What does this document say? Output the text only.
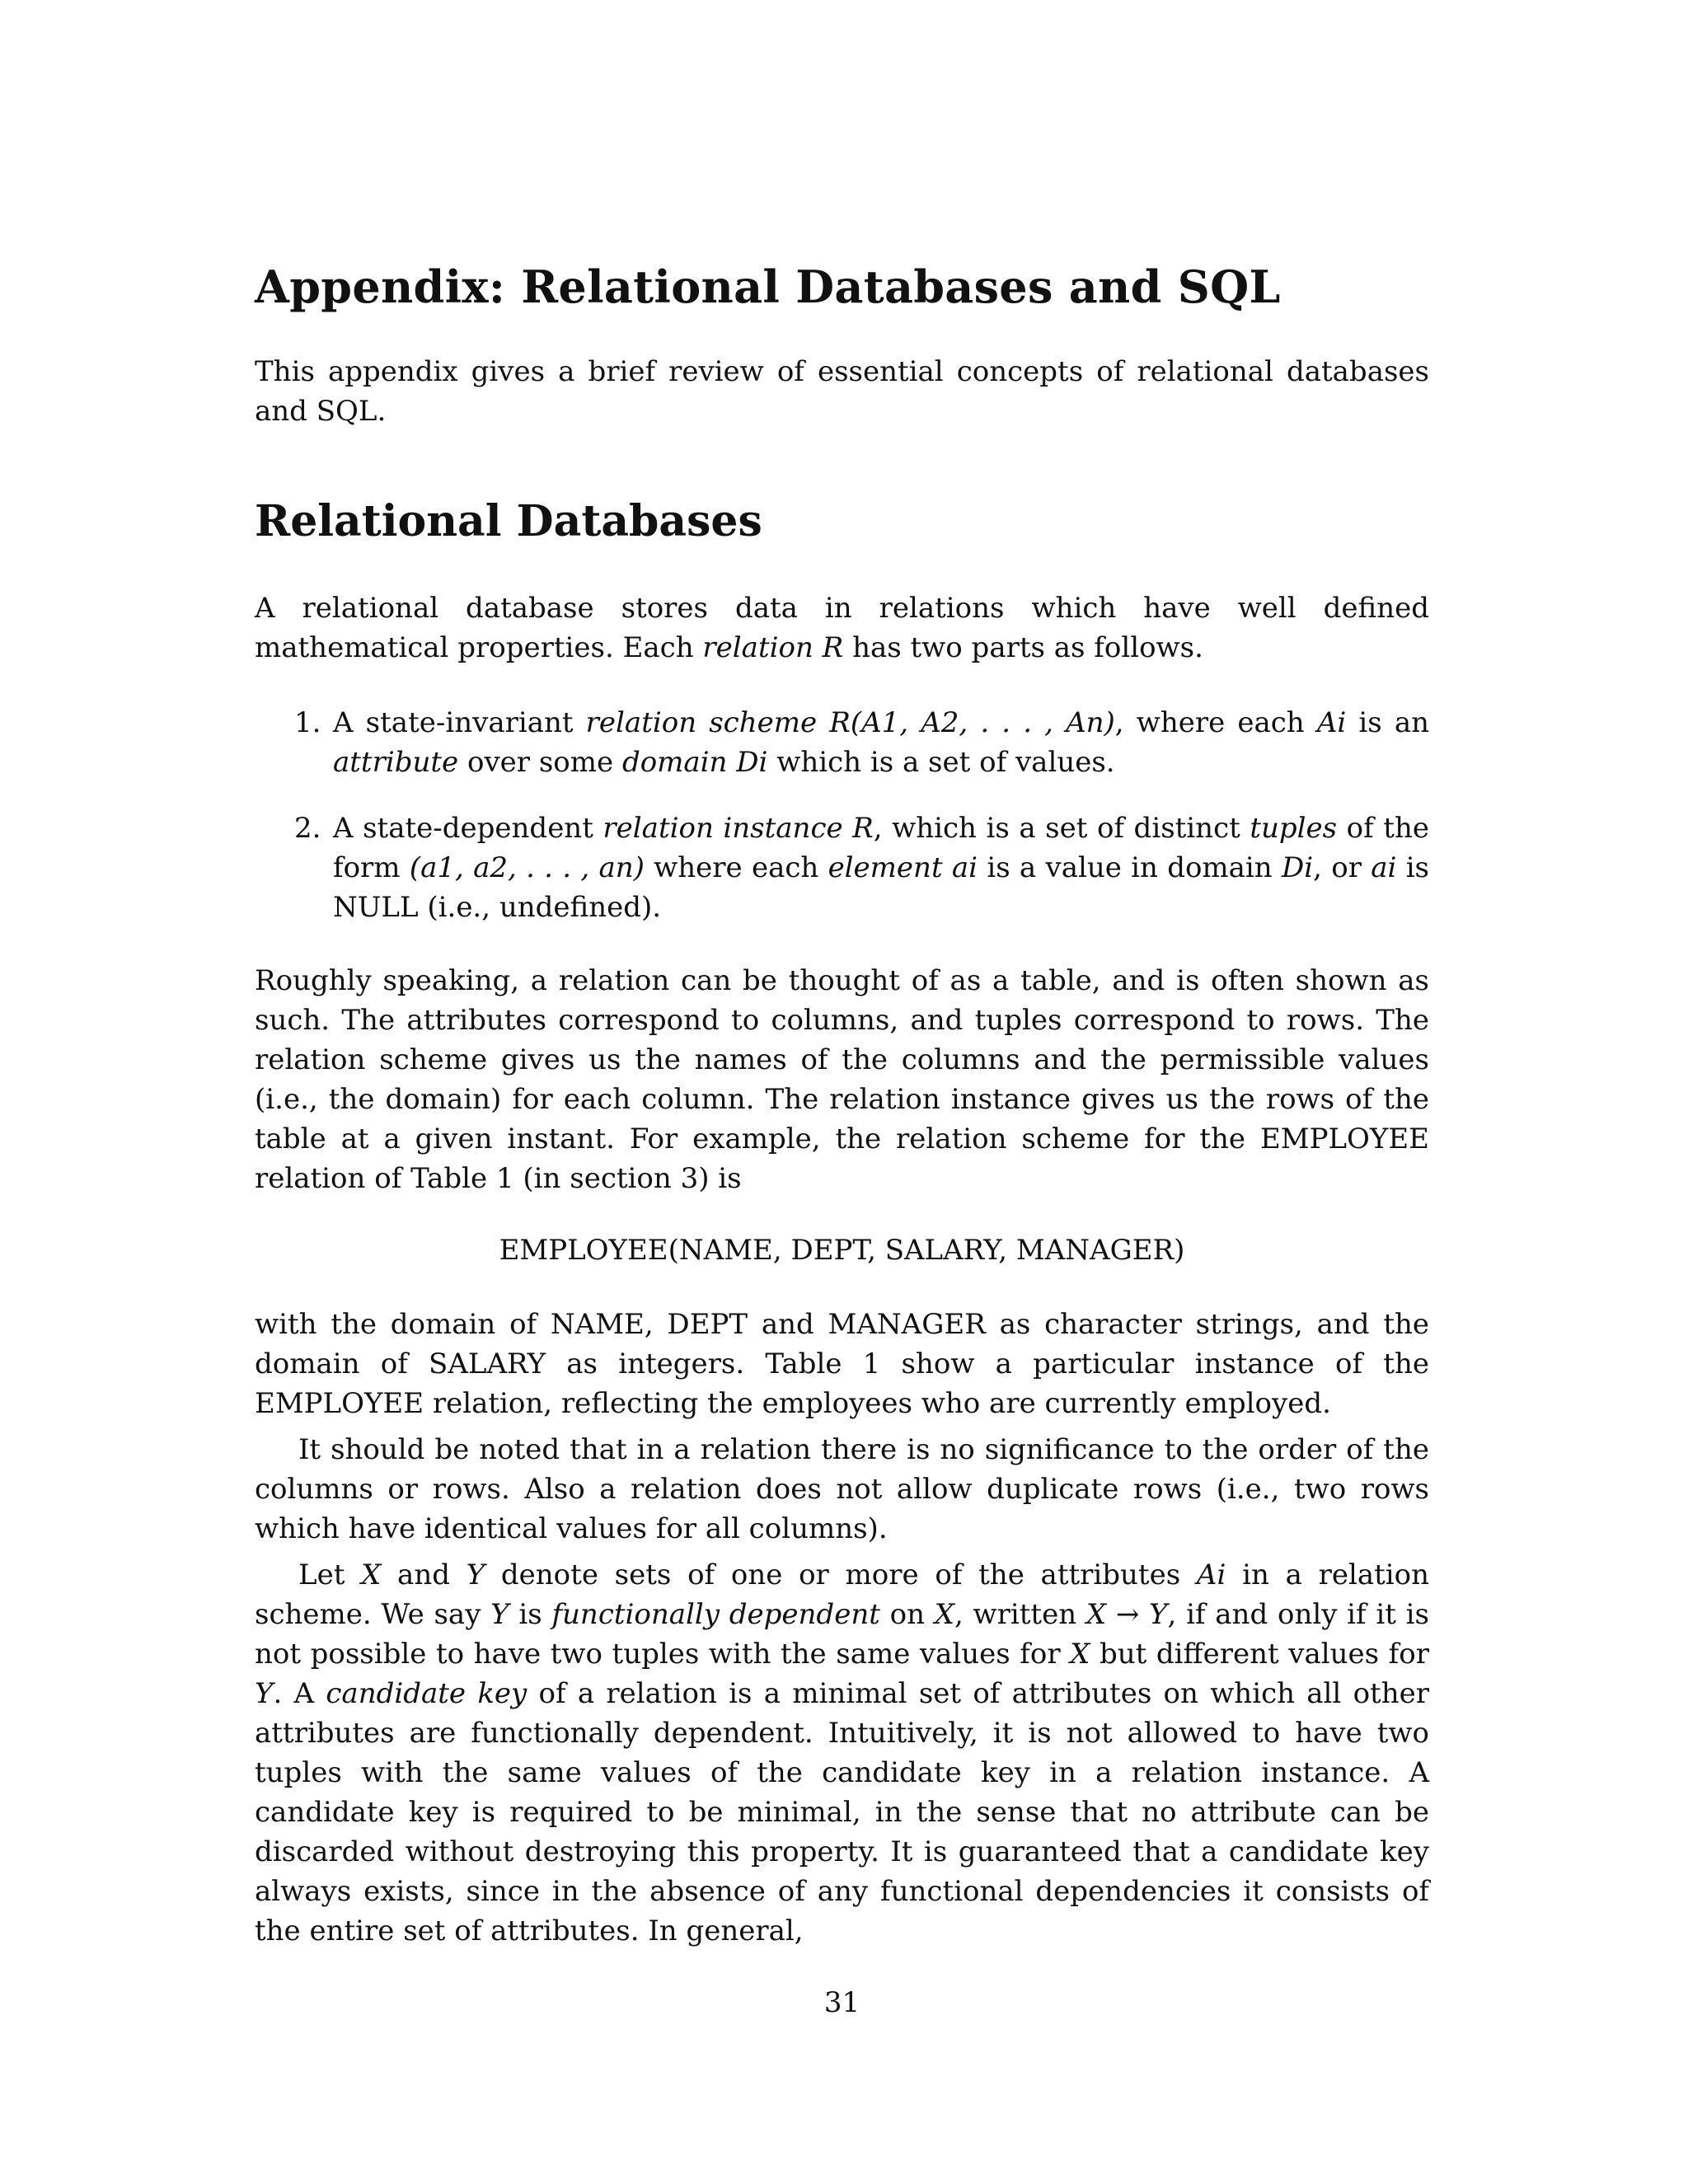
Appendix: Relational Databases and SQL

This appendix gives a brief review of essential concepts of relational databases and SQL.

Relational Databases

A relational database stores data in relations which have well defined mathematical properties. Each relation R has two parts as follows.

1. A state-invariant relation scheme R(A1, A2, . . . , An), where each Ai is an attribute over some domain Di which is a set of values.
2. A state-dependent relation instance R, which is a set of distinct tuples of the form (a1, a2, . . . , an) where each element ai is a value in domain Di, or ai is NULL (i.e., undefined).

Roughly speaking, a relation can be thought of as a table, and is often shown as such. The attributes correspond to columns, and tuples correspond to rows. The relation scheme gives us the names of the columns and the permissible values (i.e., the domain) for each column. The relation instance gives us the rows of the table at a given instant. For example, the relation scheme for the EMPLOYEE relation of Table 1 (in section 3) is

EMPLOYEE(NAME, DEPT, SALARY, MANAGER)

with the domain of NAME, DEPT and MANAGER as character strings, and the domain of SALARY as integers. Table 1 show a particular instance of the EMPLOYEE relation, reflecting the employees who are currently employed.

It should be noted that in a relation there is no significance to the order of the columns or rows. Also a relation does not allow duplicate rows (i.e., two rows which have identical values for all columns).

Let X and Y denote sets of one or more of the attributes Ai in a relation scheme. We say Y is functionally dependent on X, written X → Y, if and only if it is not possible to have two tuples with the same values for X but different values for Y. A candidate key of a relation is a minimal set of attributes on which all other attributes are functionally dependent. Intuitively, it is not allowed to have two tuples with the same values of the candidate key in a relation instance. A candidate key is required to be minimal, in the sense that no attribute can be discarded without destroying this property. It is guaranteed that a candidate key always exists, since in the absence of any functional dependencies it consists of the entire set of attributes. In general,

31
